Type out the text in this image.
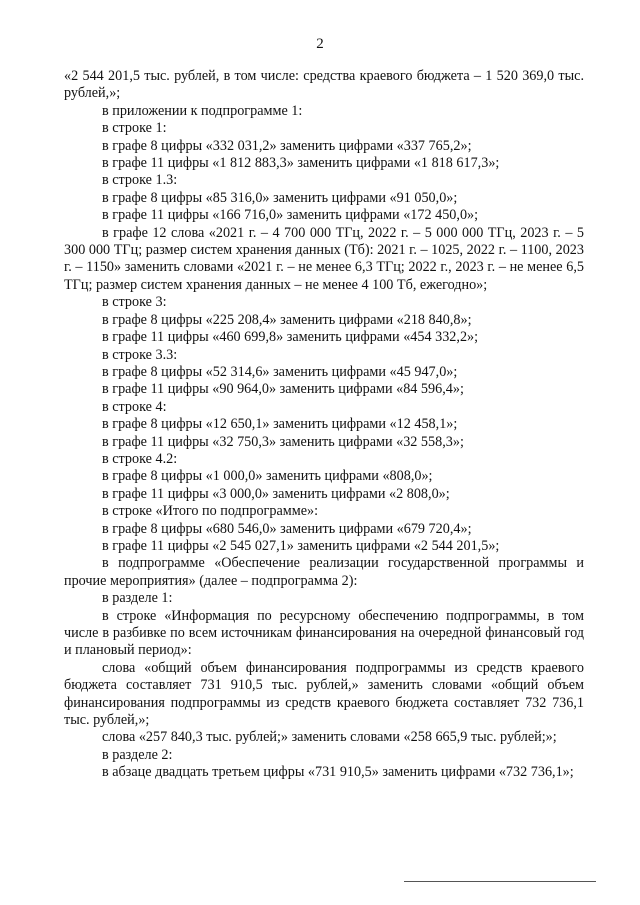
2

«2 544 201,5 тыс. рублей, в том числе: средства краевого бюджета – 1 520 369,0 тыс. рублей,»;

в приложении к подпрограмме 1:

в строке 1:

в графе 8 цифры «332 031,2» заменить цифрами «337 765,2»;

в графе 11 цифры «1 812 883,3» заменить цифрами «1 818 617,3»;

в строке 1.3:

в графе 8 цифры «85 316,0» заменить цифрами «91 050,0»;

в графе 11 цифры «166 716,0» заменить цифрами «172 450,0»;

в графе 12 слова «2021 г. – 4 700 000 ТГц, 2022 г. – 5 000 000 ТГц, 2023 г. – 5 300 000 ТГц; размер систем хранения данных (Тб): 2021 г. – 1025, 2022 г. – 1100, 2023 г. – 1150» заменить словами «2021 г. – не менее 6,3 ТГц; 2022 г., 2023 г. – не менее 6,5 ТГц; размер систем хранения данных – не менее 4 100 Тб, ежегодно»;

в строке 3:

в графе 8 цифры «225 208,4» заменить цифрами «218 840,8»;

в графе 11 цифры «460 699,8» заменить цифрами «454 332,2»;

в строке 3.3:

в графе 8 цифры «52 314,6» заменить цифрами «45 947,0»;

в графе 11 цифры «90 964,0» заменить цифрами «84 596,4»;

в строке 4:

в графе 8 цифры «12 650,1» заменить цифрами «12 458,1»;

в графе 11 цифры «32 750,3» заменить цифрами «32 558,3»;

в строке 4.2:

в графе 8 цифры «1 000,0» заменить цифрами «808,0»;

в графе 11 цифры «3 000,0» заменить цифрами «2 808,0»;

в строке «Итого по подпрограмме»:

в графе 8 цифры «680 546,0» заменить цифрами «679 720,4»;

в графе 11 цифры «2 545 027,1» заменить цифрами «2 544 201,5»;

в подпрограмме «Обеспечение реализации государственной программы и прочие мероприятия» (далее – подпрограмма 2):

в разделе 1:

в строке «Информация по ресурсному обеспечению подпрограммы, в том числе в разбивке по всем источникам финансирования на очередной финансовый год и плановый период»:

слова «общий объем финансирования подпрограммы из средств краевого бюджета составляет 731 910,5 тыс. рублей,» заменить словами «общий объем финансирования подпрограммы из средств краевого бюджета составляет 732 736,1 тыс. рублей,»;

слова «257 840,3 тыс. рублей;» заменить словами «258 665,9 тыс. рублей;»;

в разделе 2:

в абзаце двадцать третьем цифры «731 910,5» заменить цифрами «732 736,1»;
